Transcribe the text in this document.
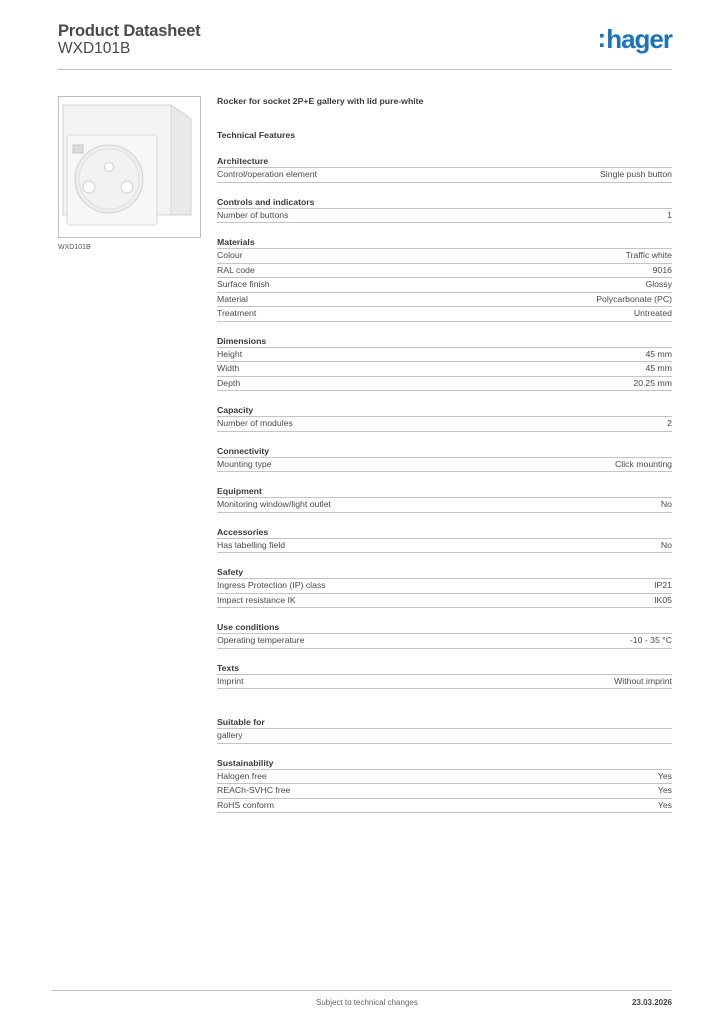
Product Datasheet
WXD101B	:hager
WXD101B
Rocker for socket 2P+E gallery with lid pure-white
Technical Features
Architecture
Control/operation element	Single push button
Controls and indicators
Number of buttons	1
Materials
Colour	Traffic white
RAL code	9016
Surface finish	Glossy
Material	Polycarbonate (PC)
Treatment	Untreated
Dimensions
Height	45 mm
Width	45 mm
Depth	20.25 mm
Capacity
Number of modules	2
Connectivity
Mounting type	Click mounting
Equipment
Monitoring window/light outlet	No
Accessories
Has labelling field	No
Safety
Ingress Protection (IP) class	IP21
Impact resistance IK	IK05
Use conditions
Operating temperature	-10 - 35 °C
Texts
Imprint	Without imprint
Suitable for
gallery
Sustainability
Halogen free	Yes
REACh-SVHC free	Yes
RoHS conform	Yes
Subject to technical changes	23.03.2026
